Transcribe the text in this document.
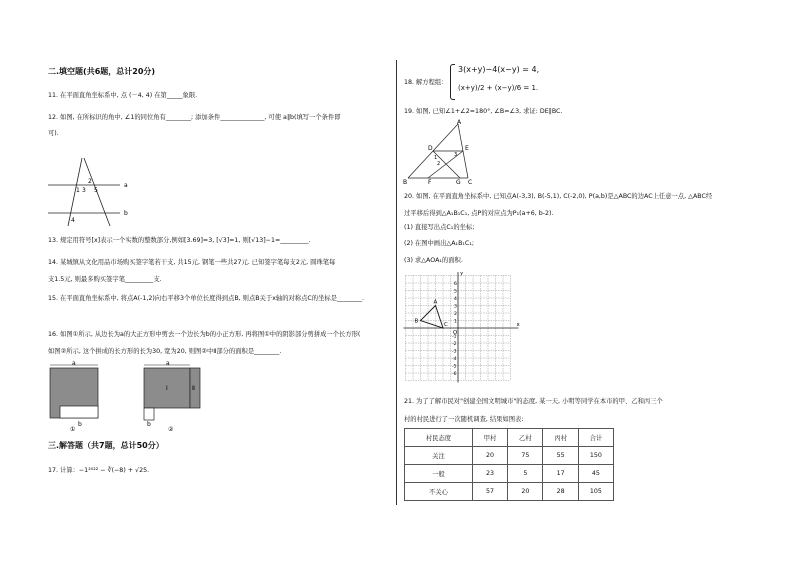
二.填空题(共6题，总计20分)
11. 在平面直角坐标系中, 点 (－4, 4) 在第_____象限.
12. 如图, 在所标识的角中, ∠1的同位角有________; 添加条件______________, 可使 a∥b(填写一个条件即
可).
1 3
2
5
4
a
b
13. 规定用符号[x]表示一个实数的整数部分,例如[3.69]=3, [√3]=1, 则[√13]−1=_________.
14. 某城镇从文化用品市场购买签字笔若干支, 共15元, 钢笔一些共27元. 已知签字笔每支2元, 圆珠笔每
支1.5元, 则最多购买签字笔_________支.
15. 在平面直角坐标系中, 将点A(-1,2)向右平移3个单位长度得到点B, 则点B关于x轴的对称点C的坐标是________.
16. 如图①所示, 从边长为a的大正方形中剪去一个边长为b的小正方形, 再将图①中的阴影部分剪拼成一个长方形(
如图②所示, 这个拼成的长方形的长为30, 宽为20, 则图②中Ⅱ部分的面积是________.
a
b
①
a
Ⅰ	Ⅱ
b
②
三.解答题（共7题，总计50分）
17. 计算：−1²⁰²² − ∛(−8) + √25.
18. 解方程组：
3(x+y)−4(x−y) = 4,
(x+y)/2 + (x−y)/6 = 1.
19. 如图, 已知∠1+∠2=180°, ∠B=∠3, 求证: DE∥BC.
A
D	E
B	F	G C
1
2
3
20. 如图, 在平面直角坐标系中, 已知点A(-3,3), B(-5,1), C(-2,0), P(a,b)是△ABC的边AC上任意一点, △ABC经
过平移后得到△A₁B₁C₁, 点P的对应点为P₁(a+6, b-2).
(1) 直接写出点C₁的坐标;
(2) 在图中画出△A₁B₁C₁;
(3) 求△AOA₁的面积.
x
y
O
1
-1
2
-2
3
-3
4
-4
5
-5
6
-6
A
B
C
21. 为了了解市民对"创建全国文明城市"的态度, 某一天, 小明等同学在本市的甲、乙和丙三个
村的村民进行了一次随机调查, 结果如图表:
村民态度	甲村	乙村	丙村	合计
关注	20	75	55	150
一般	23	5	17	45
不关心	57	20	28	105
